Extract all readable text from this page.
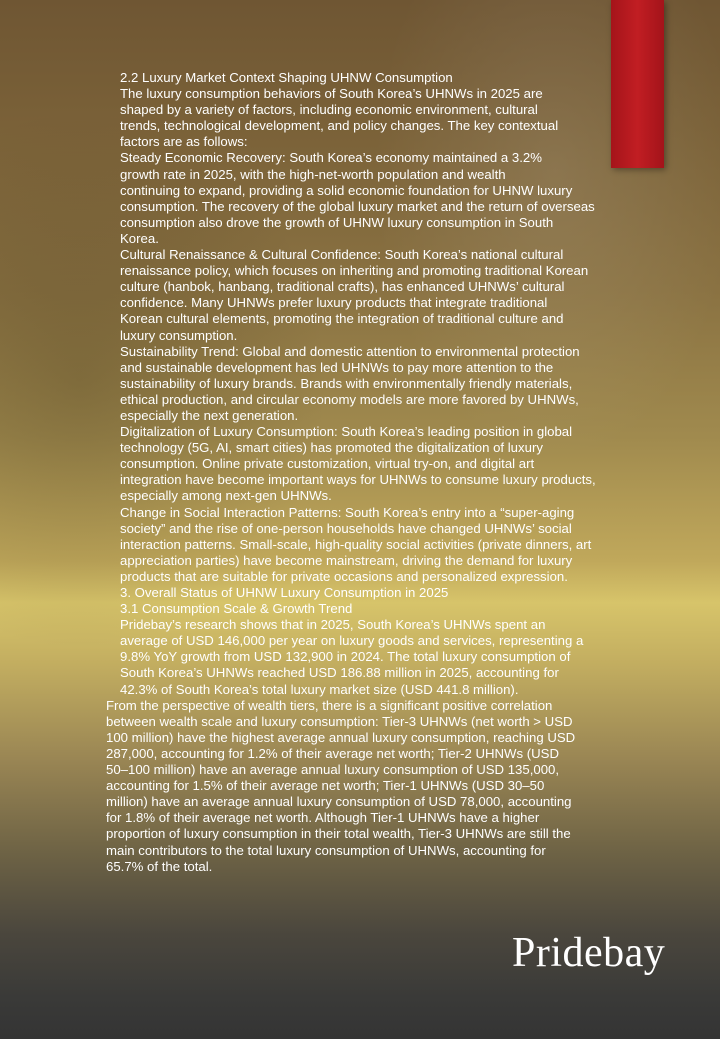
2.2 Luxury Market Context Shaping UHNW Consumption

The luxury consumption behaviors of South Korea’s UHNWs in 2025 are
shaped by a variety of factors, including economic environment, cultural
trends, technological development, and policy changes. The key contextual
factors are as follows:

Steady Economic Recovery: South Korea’s economy maintained a 3.2%
growth rate in 2025, with the high-net-worth population and wealth
continuing to expand, providing a solid economic foundation for UHNW luxury
consumption. The recovery of the global luxury market and the return of overseas
consumption also drove the growth of UHNW luxury consumption in South
Korea.

Cultural Renaissance & Cultural Confidence: South Korea’s national cultural
renaissance policy, which focuses on inheriting and promoting traditional Korean
culture (hanbok, hanbang, traditional crafts), has enhanced UHNWs’ cultural
confidence. Many UHNWs prefer luxury products that integrate traditional
Korean cultural elements, promoting the integration of traditional culture and
luxury consumption.

Sustainability Trend: Global and domestic attention to environmental protection
and sustainable development has led UHNWs to pay more attention to the
sustainability of luxury brands. Brands with environmentally friendly materials,
ethical production, and circular economy models are more favored by UHNWs,
especially the next generation.

Digitalization of Luxury Consumption: South Korea’s leading position in global
technology (5G, AI, smart cities) has promoted the digitalization of luxury
consumption. Online private customization, virtual try-on, and digital art
integration have become important ways for UHNWs to consume luxury products,
especially among next-gen UHNWs.

Change in Social Interaction Patterns: South Korea’s entry into a “super-aging
society” and the rise of one-person households have changed UHNWs’ social
interaction patterns. Small-scale, high-quality social activities (private dinners, art
appreciation parties) have become mainstream, driving the demand for luxury
products that are suitable for private occasions and personalized expression.

3. Overall Status of UHNW Luxury Consumption in 2025

3.1 Consumption Scale & Growth Trend

Pridebay’s research shows that in 2025, South Korea’s UHNWs spent an
average of USD 146,000 per year on luxury goods and services, representing a
9.8% YoY growth from USD 132,900 in 2024. The total luxury consumption of
South Korea’s UHNWs reached USD 186.88 million in 2025, accounting for
42.3% of South Korea’s total luxury market size (USD 441.8 million).

From the perspective of wealth tiers, there is a significant positive correlation
between wealth scale and luxury consumption: Tier-3 UHNWs (net worth > USD
100 million) have the highest average annual luxury consumption, reaching USD
287,000, accounting for 1.2% of their average net worth; Tier-2 UHNWs (USD
50–100 million) have an average annual luxury consumption of USD 135,000,
accounting for 1.5% of their average net worth; Tier-1 UHNWs (USD 30–50
million) have an average annual luxury consumption of USD 78,000, accounting
for 1.8% of their average net worth. Although Tier-1 UHNWs have a higher
proportion of luxury consumption in their total wealth, Tier-3 UHNWs are still the
main contributors to the total luxury consumption of UHNWs, accounting for
65.7% of the total.

Pridebay
